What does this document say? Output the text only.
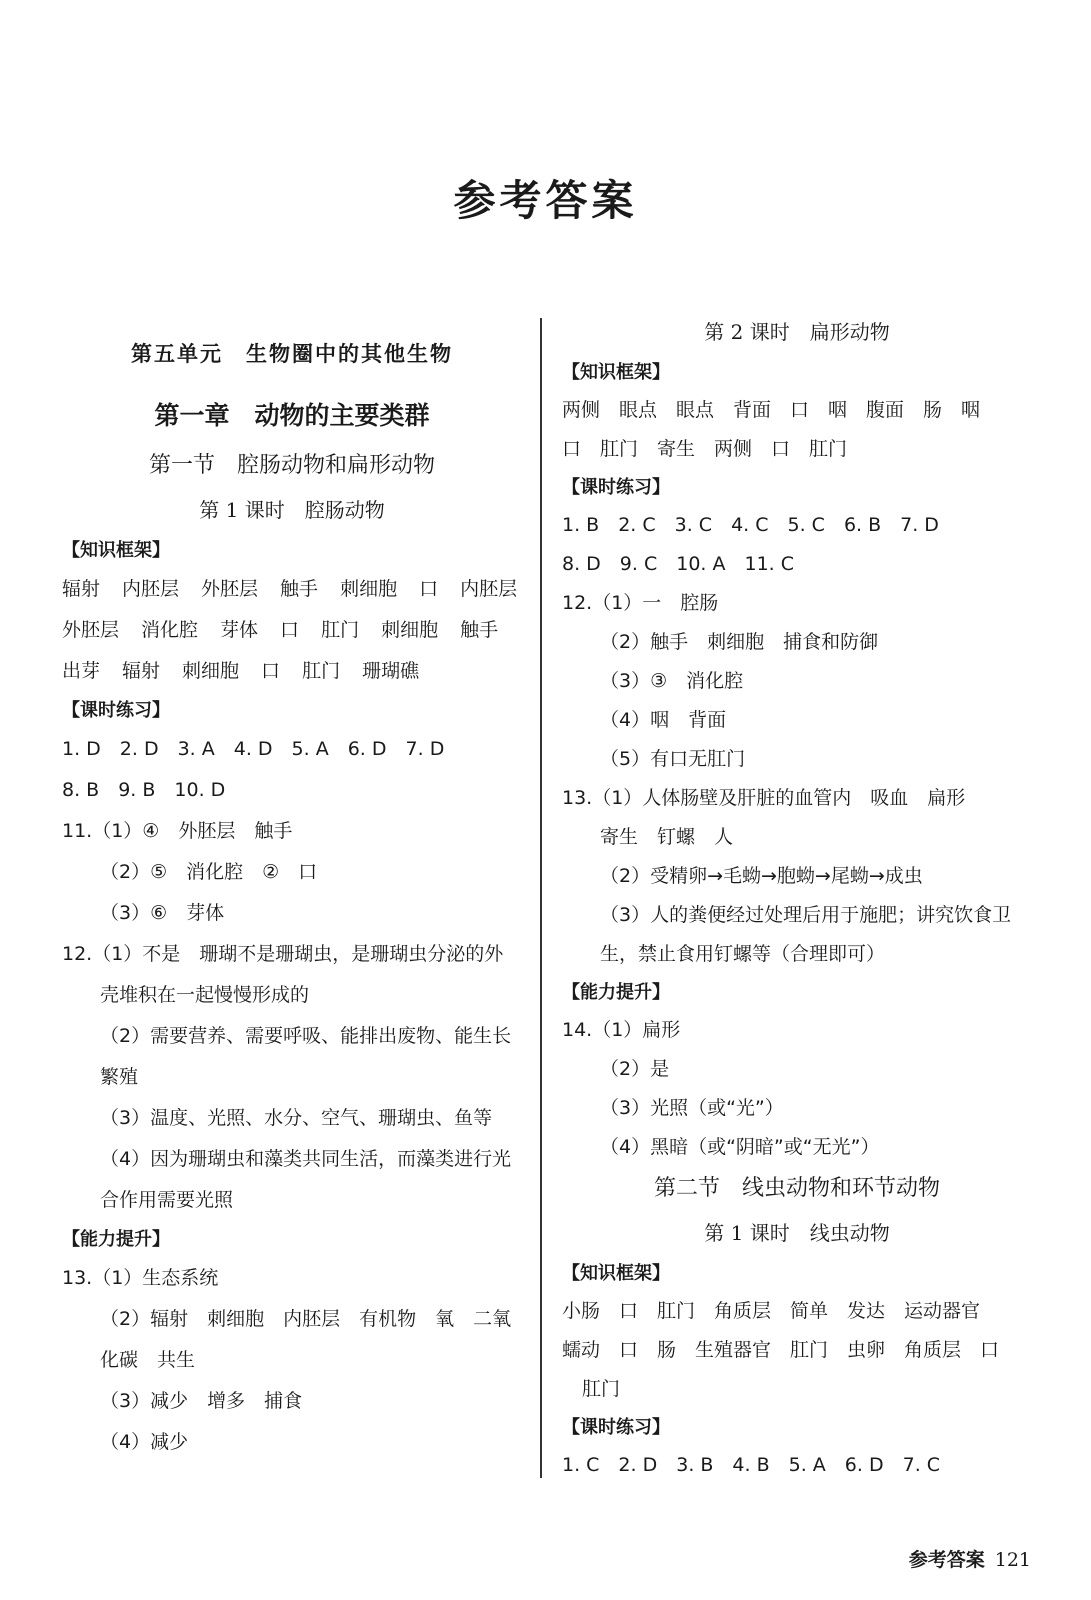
参考答案
第五单元　生物圈中的其他生物
第一章　动物的主要类群
第一节　腔肠动物和扁形动物
第 1 课时　腔肠动物
【知识框架】
辐射 内胚层 外胚层 触手 刺细胞 口 内胚层
外胚层 消化腔 芽体 口 肛门 刺细胞 触手
出芽 辐射 刺细胞 口 肛门 珊瑚礁
【课时练习】
1. D　2. D　3. A　4. D　5. A　6. D　7. D
8. B　9. B　10. D
11.（1）④　外胚层　触手
（2）⑤　消化腔　②　口
（3）⑥　芽体
12.（1）不是　珊瑚不是珊瑚虫，是珊瑚虫分泌的外
壳堆积在一起慢慢形成的
（2）需要营养、需要呼吸、能排出废物、能生长
繁殖
（3）温度、光照、水分、空气、珊瑚虫、鱼等
（4）因为珊瑚虫和藻类共同生活，而藻类进行光
合作用需要光照
【能力提升】
13.（1）生态系统
（2）辐射　刺细胞　内胚层　有机物　氧　二氧
化碳　共生
（3）减少　增多　捕食
（4）减少
第 2 课时　扁形动物
【知识框架】
两侧　眼点　眼点　背面　口　咽　腹面　肠　咽
口　肛门　寄生　两侧　口　肛门
【课时练习】
1. B　2. C　3. C　4. C　5. C　6. B　7. D
8. D　9. C　10. A　11. C
12.（1）一　腔肠
（2）触手　刺细胞　捕食和防御
（3）③　消化腔
（4）咽　背面
（5）有口无肛门
13.（1）人体肠壁及肝脏的血管内　吸血　扁形
寄生　钉螺　人
（2）受精卵→毛蚴→胞蚴→尾蚴→成虫
（3）人的粪便经过处理后用于施肥；讲究饮食卫
生，禁止食用钉螺等（合理即可）
【能力提升】
14.（1）扁形
（2）是
（3）光照（或“光”）
（4）黑暗（或“阴暗”或“无光”）
第二节　线虫动物和环节动物
第 1 课时　线虫动物
【知识框架】
小肠　口　肛门　角质层　简单　发达　运动器官
蠕动　口　肠　生殖器官　肛门　虫卵　角质层　口
肛门
【课时练习】
1. C　2. D　3. B　4. B　5. A　6. D　7. C
参考答案 121
